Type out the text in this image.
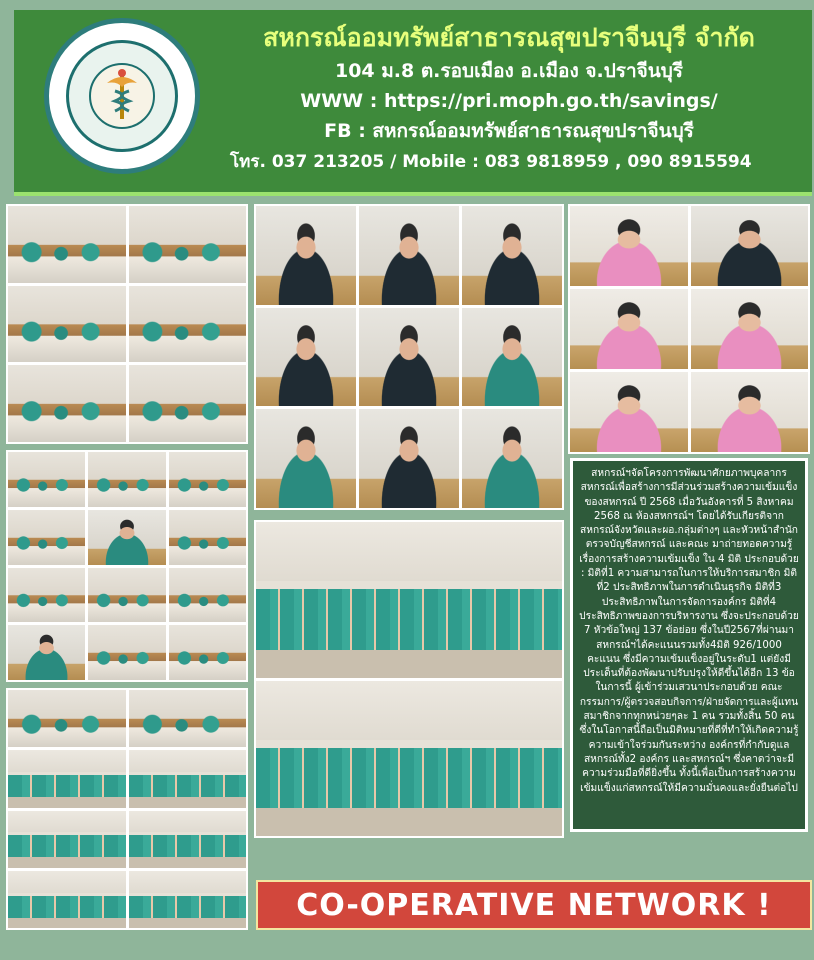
สหกรณ์ออมทรัพย์สาธารณสุขปราจีนบุรี จำกัด
104 ม.8 ต.รอบเมือง อ.เมือง จ.ปราจีนบุรี
WWW : https://pri.moph.go.th/savings/
FB : สหกรณ์ออมทรัพย์สาธารณสุขปราจีนบุรี
โทร. 037 213205 / Mobile : 083 9818959 , 090 8915594

สหกรณ์ฯจัดโครงการพัฒนาศักยภาพบุคลากรสหกรณ์เพื่อสร้างการมีส่วนร่วมสร้างความเข้มแข็งของสหกรณ์ ปี 2568 เมื่อวันอังคารที่ 5 สิงหาคม 2568 ณ ห้องสหกรณ์ฯ โดยได้รับเกียรติจาก สหกรณ์จังหวัดและผอ.กลุ่มต่างๆ และหัวหน้าสำนักตรวจบัญชีสหกรณ์ และคณะ มาถ่ายทอดความรู้เรื่องการสร้างความเข้มแข็ง ใน 4 มิติ ประกอบด้วย : มิติที่1 ความสามารถในการให้บริการสมาชิก มิติที่2 ประสิทธิภาพในการดำเนินธุรกิจ มิติที่3 ประสิทธิภาพในการจัดการองค์กร มิติที่4 ประสิทธิภาพของการบริหารงาน ซึ่งจะประกอบด้วย 7 หัวข้อใหญ่ 137 ข้อย่อย ซึ่งในปี2567ที่ผ่านมา สหกรณ์ฯได้คะแนนรวมทั้ง4มิติ 926/1000 คะแนน ซึ่งมีความเข้มแข็งอยู่ในระดับ1 แต่ยังมีประเด็นที่ต้องพัฒนาปรับปรุงให้ดีขึ้นได้อีก 13 ข้อ ในการนี้ ผู้เข้าร่วมเสวนาประกอบด้วย คณะกรรมการ/ผู้ตรวจสอบกิจการ/ฝ่ายจัดการและผู้แทนสมาชิกจากทุกหน่วยๆละ 1 คน รวมทั้งสิ้น 50 คน ซึ่งในโอกาสนี้ถือเป็นมิติหมายที่ดีที่ทำให้เกิดความรู้ความเข้าใจร่วมกันระหว่าง องค์กรที่กำกับดูแลสหกรณ์ทั้ง2 องค์กร และสหกรณ์ฯ ซึ่งคาดว่าจะมีความร่วมมือที่ดียิ่งขึ้น ทั้งนี้เพื่อเป็นการสร้างความเข้มแข็งแก่สหกรณ์ให้มีความมั่นคงและยั่งยืนต่อไป

CO-OPERATIVE NETWORK !
